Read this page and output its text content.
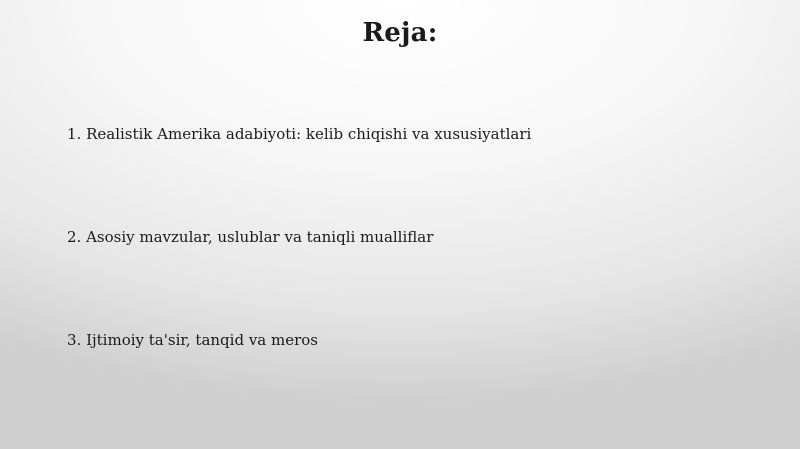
Reja:
1. Realistik Amerika adabiyoti: kelib chiqishi va xususiyatlari
2. Asosiy mavzular, uslublar va taniqli mualliflar
3. Ijtimoiy ta'sir, tanqid va meros
